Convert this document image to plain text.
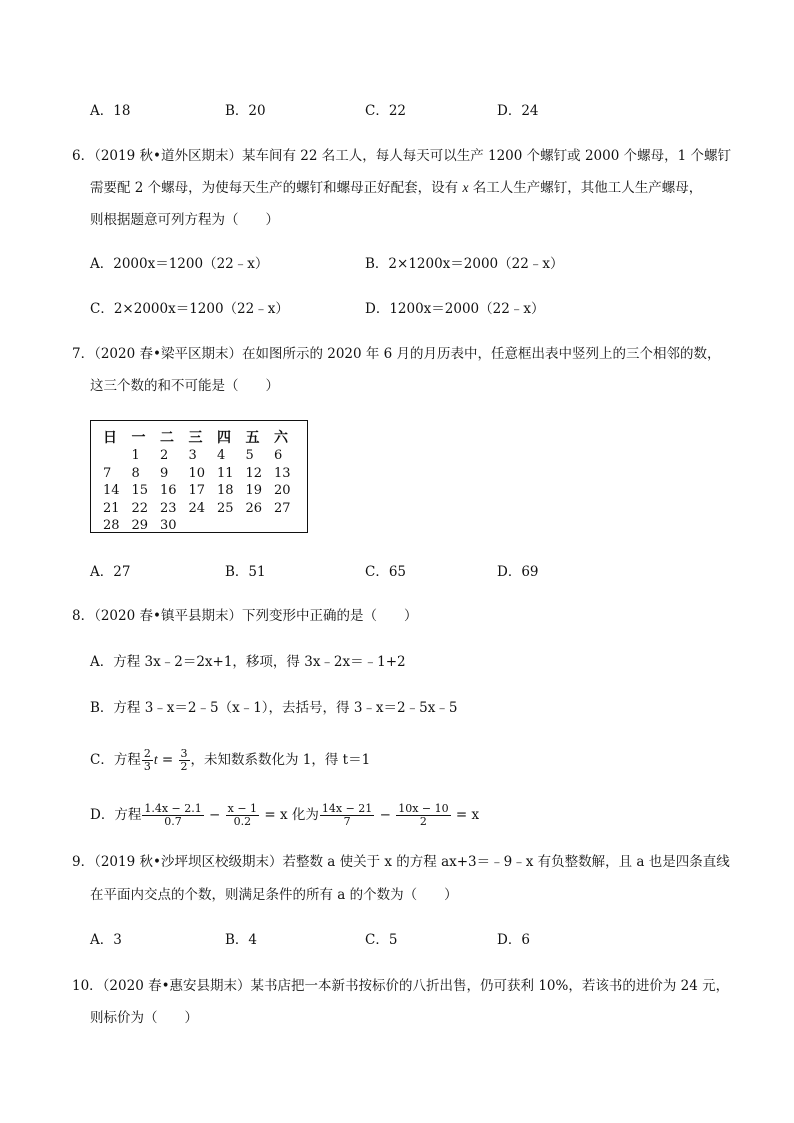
A．18	B．20	C．22	D．24
6．（2019 秋•道外区期末）某车间有 22 名工人，每人每天可以生产 1200 个螺钉或 2000 个螺母，1 个螺钉
需要配 2 个螺母，为使每天生产的螺钉和螺母正好配套，设有 x 名工人生产螺钉，其他工人生产螺母，
则根据题意可列方程为（　　）
A．2000x＝1200（22﹣x）	B．2×1200x＝2000（22﹣x）
C．2×2000x＝1200（22﹣x）	D．1200x＝2000（22﹣x）
7．（2020 春•梁平区期末）在如图所示的 2020 年 6 月的月历表中，任意框出表中竖列上的三个相邻的数，
这三个数的和不可能是（　　）
日	一	二	三	四	五	六
	1	2	3	4	5	6
7	8	9	10	11	12	13
14	15	16	17	18	19	20
21	22	23	24	25	26	27
28	29	30				
A．27	B．51	C．65	D．69
8．（2020 春•镇平县期末）下列变形中正确的是（　　）
A．方程 3x﹣2＝2x+1，移项，得 3x﹣2x＝﹣1+2
B．方程 3﹣x＝2﹣5（x﹣1），去括号，得 3﹣x＝2﹣5x﹣5
C．方程 $\frac{2}{3}$ $t = \frac{3}{2}$ ，未知数系数化为 1，得 t＝1
D．方程 $\frac{1.4x - 2.1}{0.7} - \frac{x - 1}{0.2} = x$ 化为 $\frac{14x - 21}{7} - \frac{10x - 10}{2} = x$
9．（2019 秋•沙坪坝区校级期末）若整数 a 使关于 x 的方程 ax+3＝﹣9﹣x 有负整数解，且 a 也是四条直线
在平面内交点的个数，则满足条件的所有 a 的个数为（　　）
A．3	B．4	C．5	D．6
10．（2020 春•惠安县期末）某书店把一本新书按标价的八折出售，仍可获利 10%，若该书的进价为 24 元，
则标价为（　　）
